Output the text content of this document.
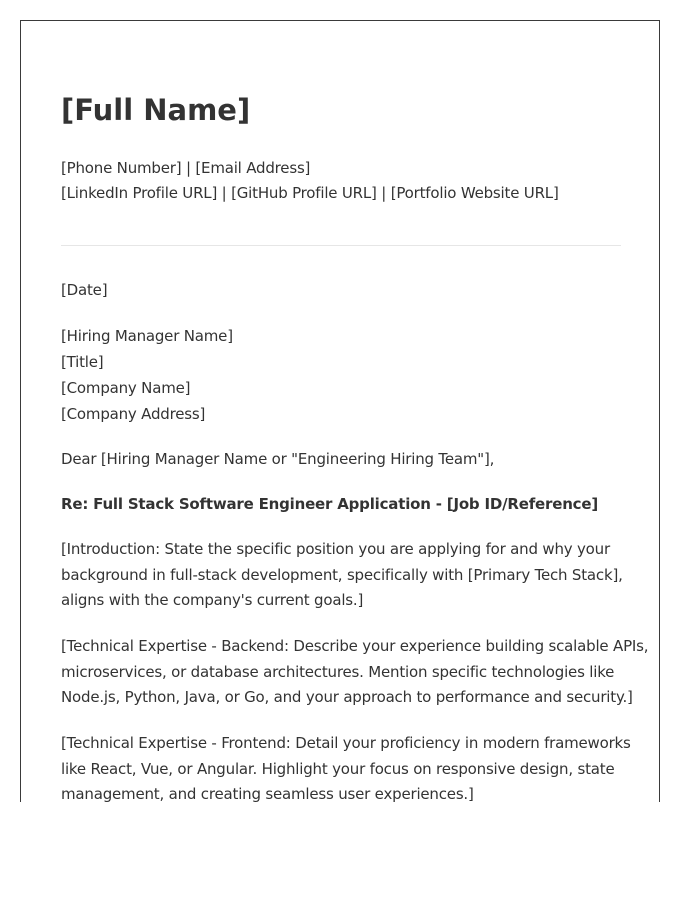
[Full Name]
[Phone Number] | [Email Address]
[LinkedIn Profile URL] | [GitHub Profile URL] | [Portfolio Website URL]
[Date]
[Hiring Manager Name]
[Title]
[Company Name]
[Company Address]
Dear [Hiring Manager Name or "Engineering Hiring Team"],
Re: Full Stack Software Engineer Application - [Job ID/Reference]
[Introduction: State the specific position you are applying for and why your
background in full-stack development, specifically with [Primary Tech Stack],
aligns with the company's current goals.]
[Technical Expertise - Backend: Describe your experience building scalable APIs,
microservices, or database architectures. Mention specific technologies like
Node.js, Python, Java, or Go, and your approach to performance and security.]
[Technical Expertise - Frontend: Detail your proficiency in modern frameworks
like React, Vue, or Angular. Highlight your focus on responsive design, state
management, and creating seamless user experiences.]
